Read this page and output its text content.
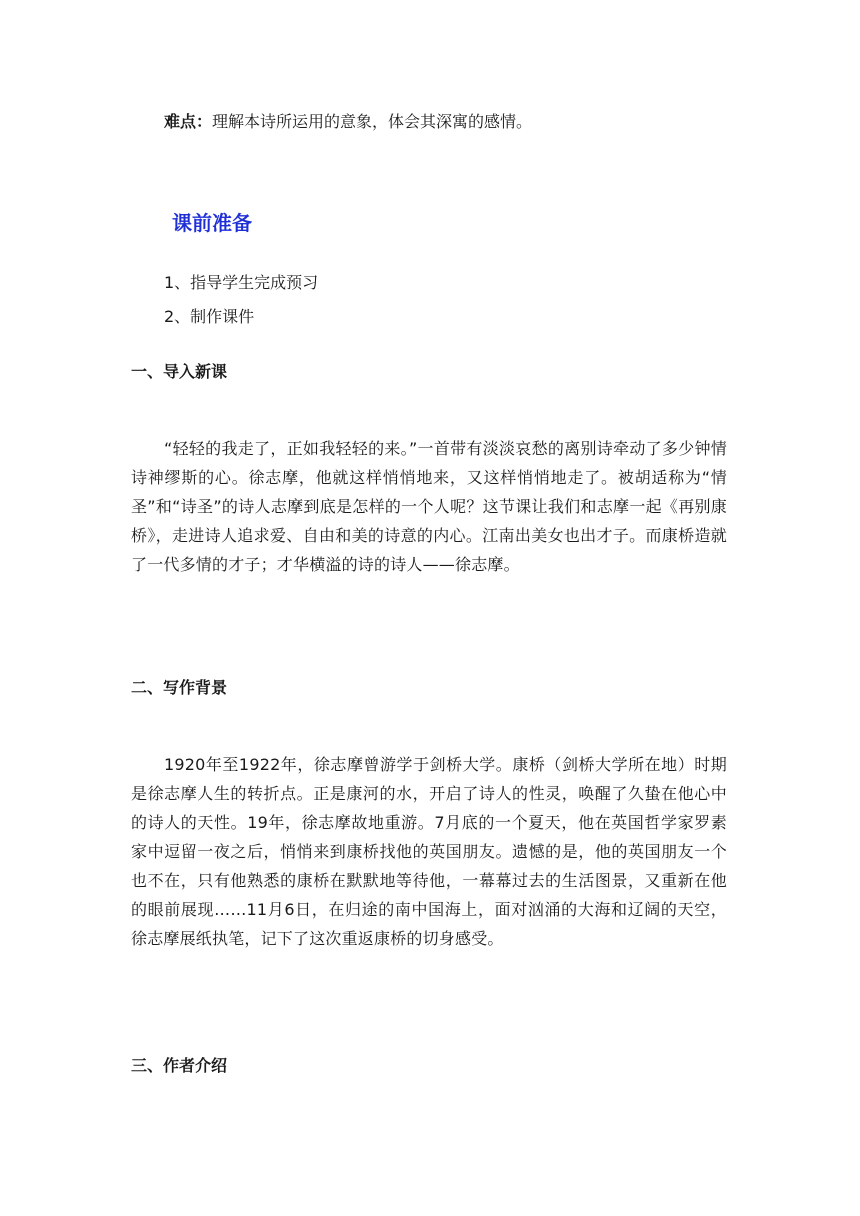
难点：理解本诗所运用的意象，体会其深寓的感情。

课前准备

1、指导学生完成预习

2、制作课件

一、导入新课

“轻轻的我走了，正如我轻轻的来。”一首带有淡淡哀愁的离别诗牵动了多少钟情诗神缪斯的心。徐志摩，他就这样悄悄地来，又这样悄悄地走了。被胡适称为“情圣”和“诗圣”的诗人志摩到底是怎样的一个人呢？这节课让我们和志摩一起《再别康桥》，走进诗人追求爱、自由和美的诗意的内心。江南出美女也出才子。而康桥造就了一代多情的才子；才华横溢的诗的诗人——徐志摩。

二、写作背景

1920年至1922年，徐志摩曾游学于剑桥大学。康桥（剑桥大学所在地）时期是徐志摩人生的转折点。正是康河的水，开启了诗人的性灵，唤醒了久蛰在他心中的诗人的天性。19年，徐志摩故地重游。7月底的一个夏天，他在英国哲学家罗素家中逗留一夜之后，悄悄来到康桥找他的英国朋友。遗憾的是，他的英国朋友一个也不在，只有他熟悉的康桥在默默地等待他，一幕幕过去的生活图景，又重新在他的眼前展现……11月6日，在归途的南中国海上，面对汹涌的大海和辽阔的天空，徐志摩展纸执笔，记下了这次重返康桥的切身感受。

三、作者介绍
